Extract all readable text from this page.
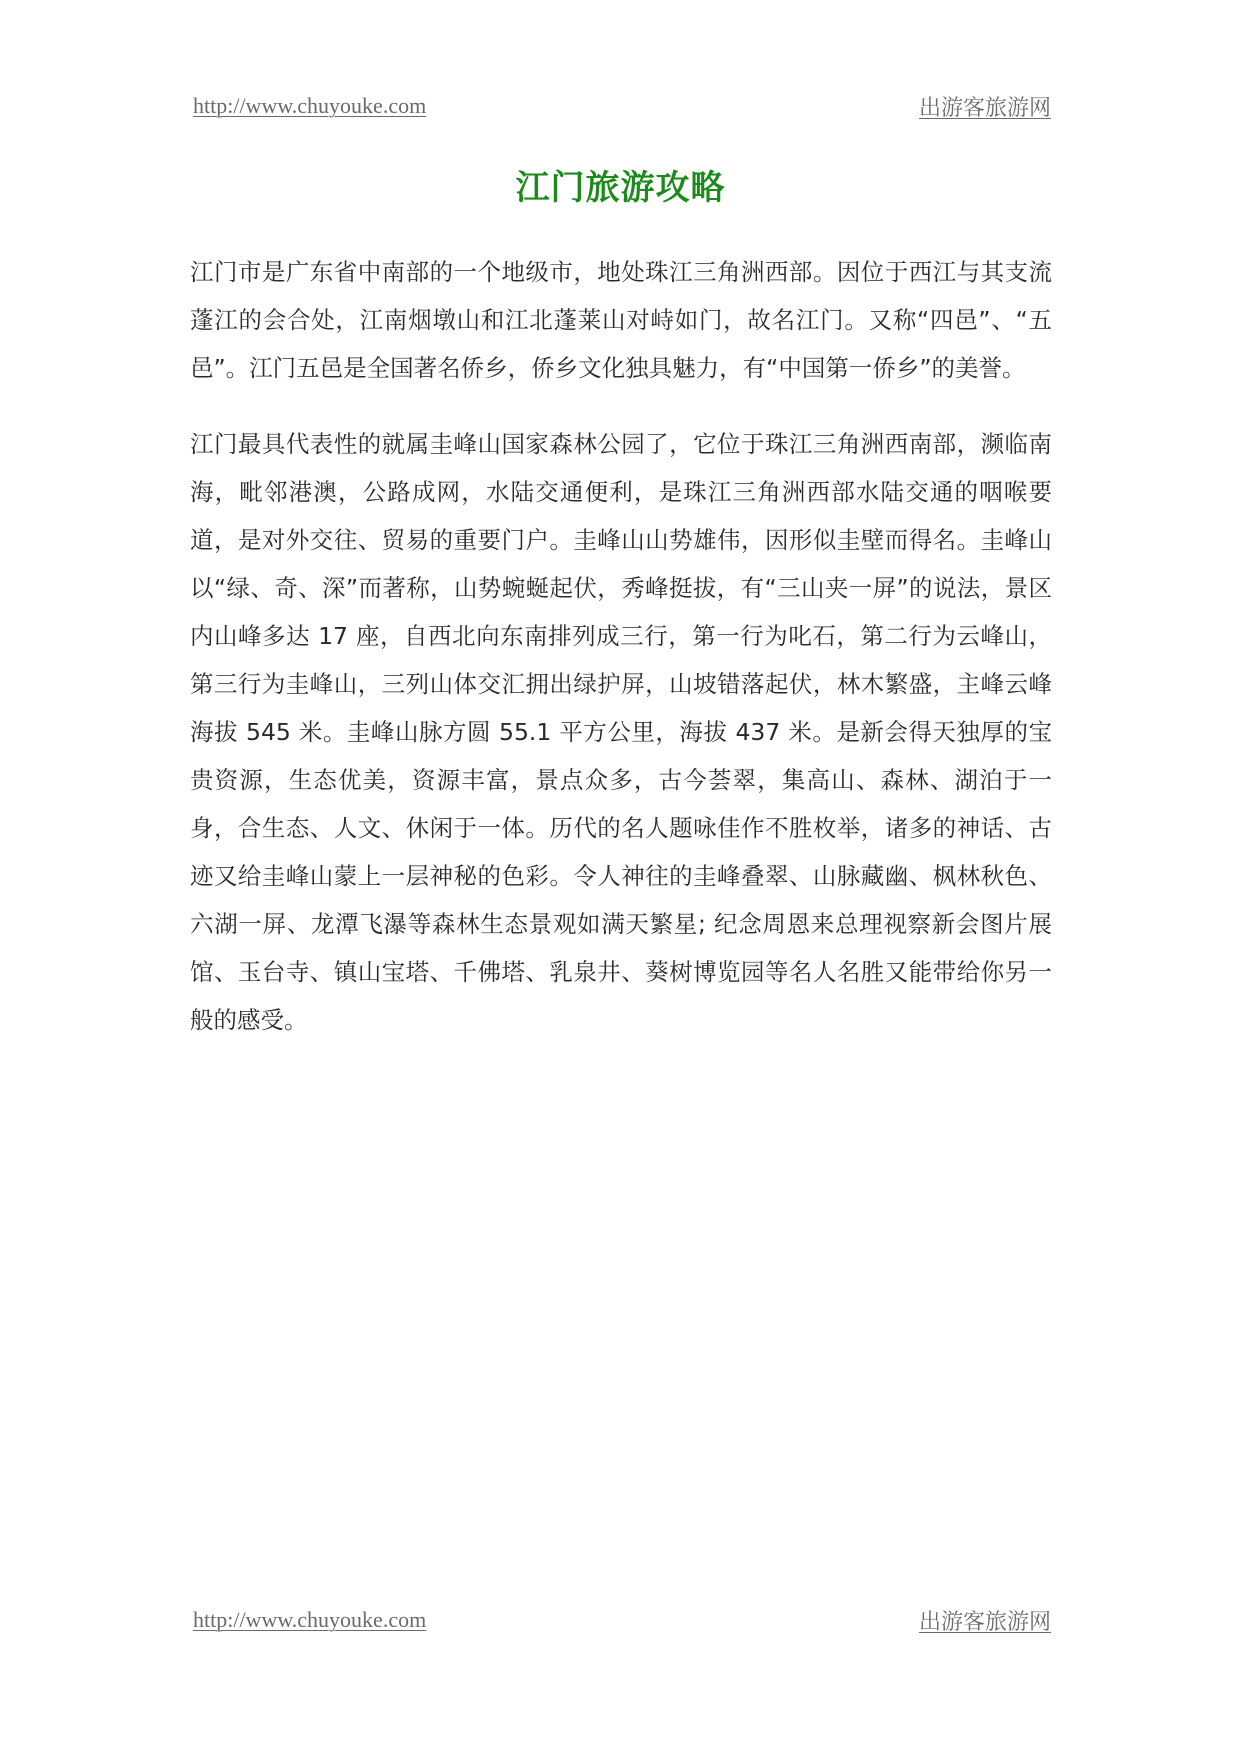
http://www.chuyouke.com	出游客旅游网
江门旅游攻略

江门市是广东省中南部的一个地级市，地处珠江三角洲西部。因位于西江与其支流蓬江的会合处，江南烟墩山和江北蓬莱山对峙如门，故名江门。又称“四邑”、“五邑”。江门五邑是全国著名侨乡，侨乡文化独具魅力，有“中国第一侨乡”的美誉。

江门最具代表性的就属圭峰山国家森林公园了，它位于珠江三角洲西南部，濒临南海，毗邻港澳，公路成网，水陆交通便利，是珠江三角洲西部水陆交通的咽喉要道，是对外交往、贸易的重要门户。圭峰山山势雄伟，因形似圭壁而得名。圭峰山以“绿、奇、深”而著称，山势蜿蜒起伏，秀峰挺拔，有“三山夹一屏”的说法，景区内山峰多达 17 座，自西北向东南排列成三行，第一行为叱石，第二行为云峰山，第三行为圭峰山，三列山体交汇拥出绿护屏，山坡错落起伏，林木繁盛，主峰云峰海拔 545 米。圭峰山脉方圆 55.1 平方公里，海拔 437 米。是新会得天独厚的宝贵资源，生态优美，资源丰富，景点众多，古今荟翠，集高山、森林、湖泊于一身，合生态、人文、休闲于一体。历代的名人题咏佳作不胜枚举，诸多的神话、古迹又给圭峰山蒙上一层神秘的色彩。令人神往的圭峰叠翠、山脉藏幽、枫林秋色、六湖一屏、龙潭飞瀑等森林生态景观如满天繁星; 纪念周恩来总理视察新会图片展馆、玉台寺、镇山宝塔、千佛塔、乳泉井、葵树博览园等名人名胜又能带给你另一般的感受。

http://www.chuyouke.com	出游客旅游网
